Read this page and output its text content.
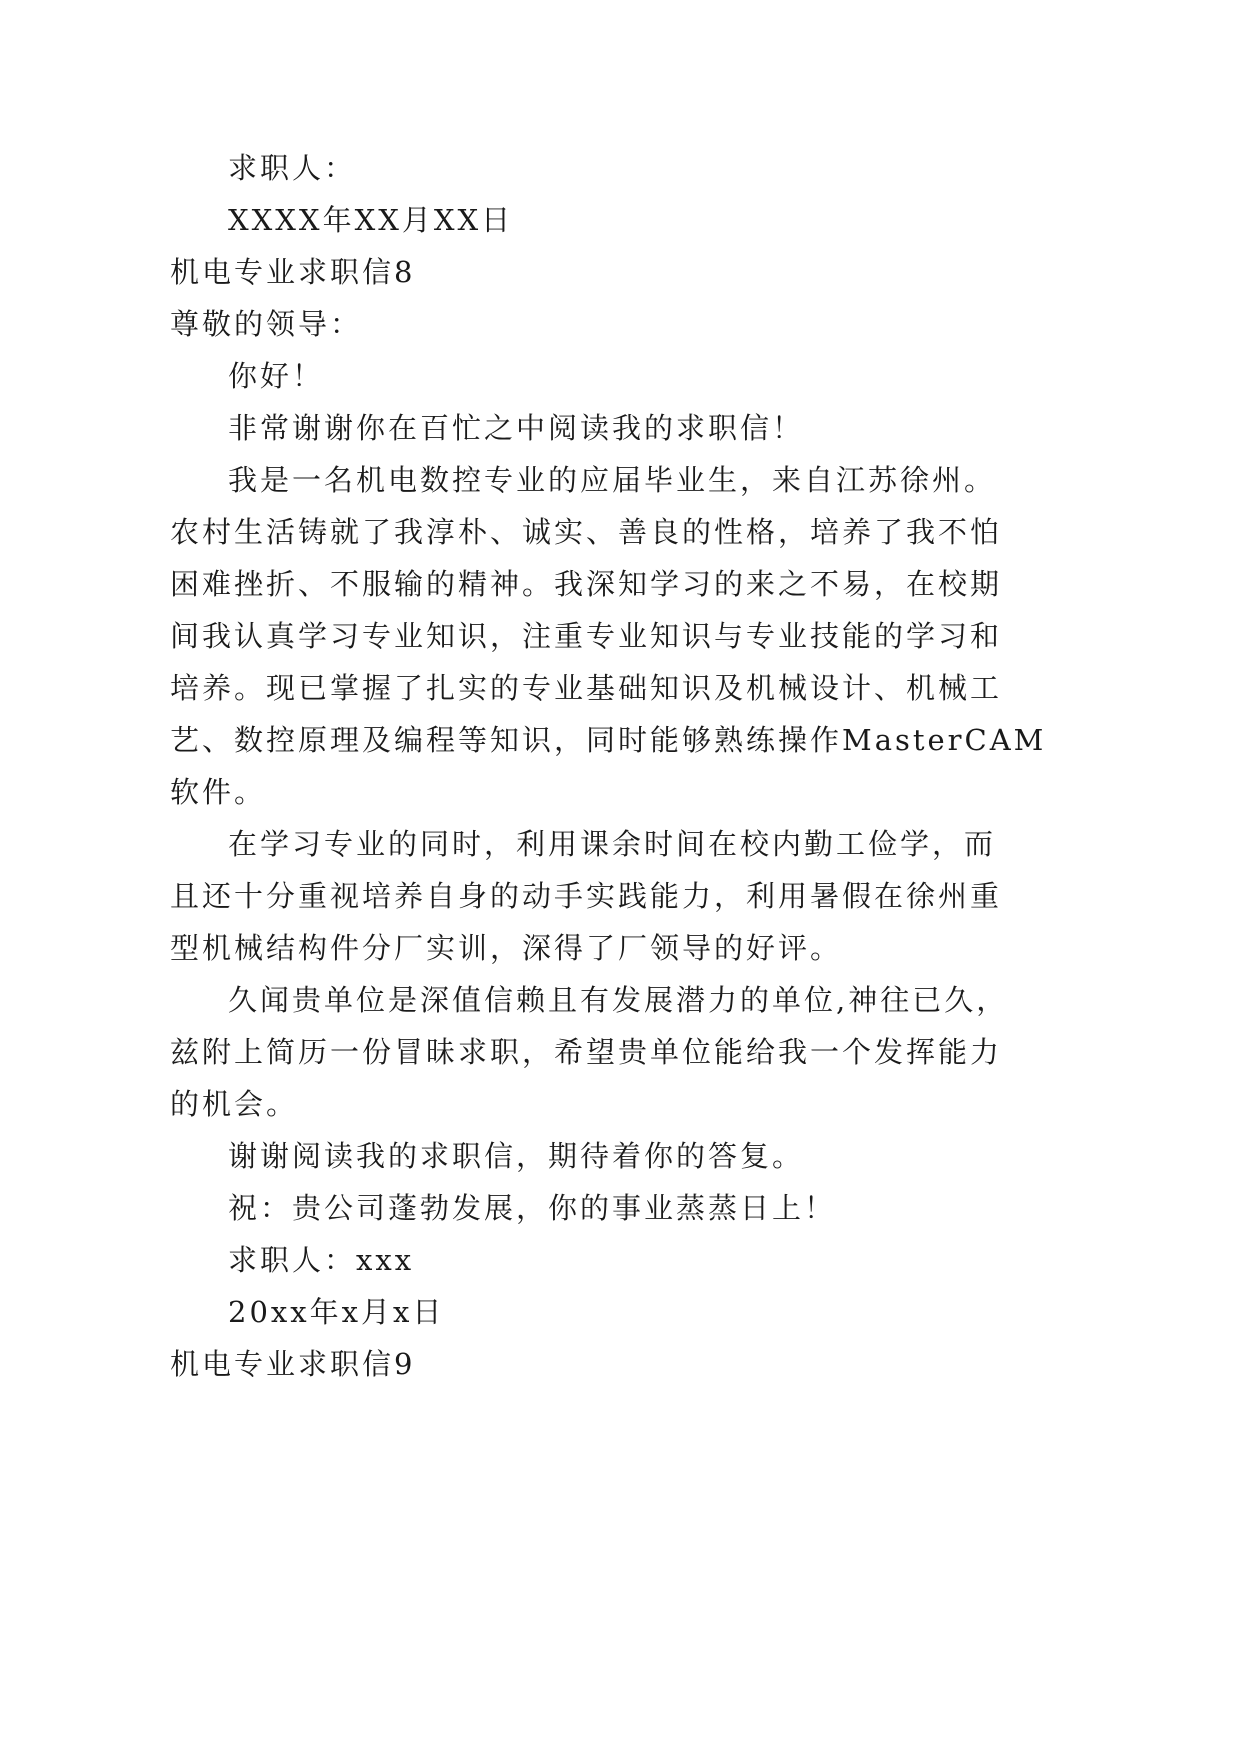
求职人：
XXXX年XX月XX日
机电专业求职信8
尊敬的领导：
你好！
非常谢谢你在百忙之中阅读我的求职信！
我是一名机电数控专业的应届毕业生，来自江苏徐州。
农村生活铸就了我淳朴、诚实、善良的性格，培养了我不怕
困难挫折、不服输的精神。我深知学习的来之不易，在校期
间我认真学习专业知识，注重专业知识与专业技能的学习和
培养。现已掌握了扎实的专业基础知识及机械设计、机械工
艺、数控原理及编程等知识，同时能够熟练操作MasterCAM
软件。
在学习专业的同时，利用课余时间在校内勤工俭学，而
且还十分重视培养自身的动手实践能力，利用暑假在徐州重
型机械结构件分厂实训，深得了厂领导的好评。
久闻贵单位是深值信赖且有发展潜力的单位,神往已久，
兹附上简历一份冒昧求职，希望贵单位能给我一个发挥能力
的机会。
谢谢阅读我的求职信，期待着你的答复。
祝：贵公司蓬勃发展，你的事业蒸蒸日上！
求职人：xxx
20xx年x月x日
机电专业求职信9
